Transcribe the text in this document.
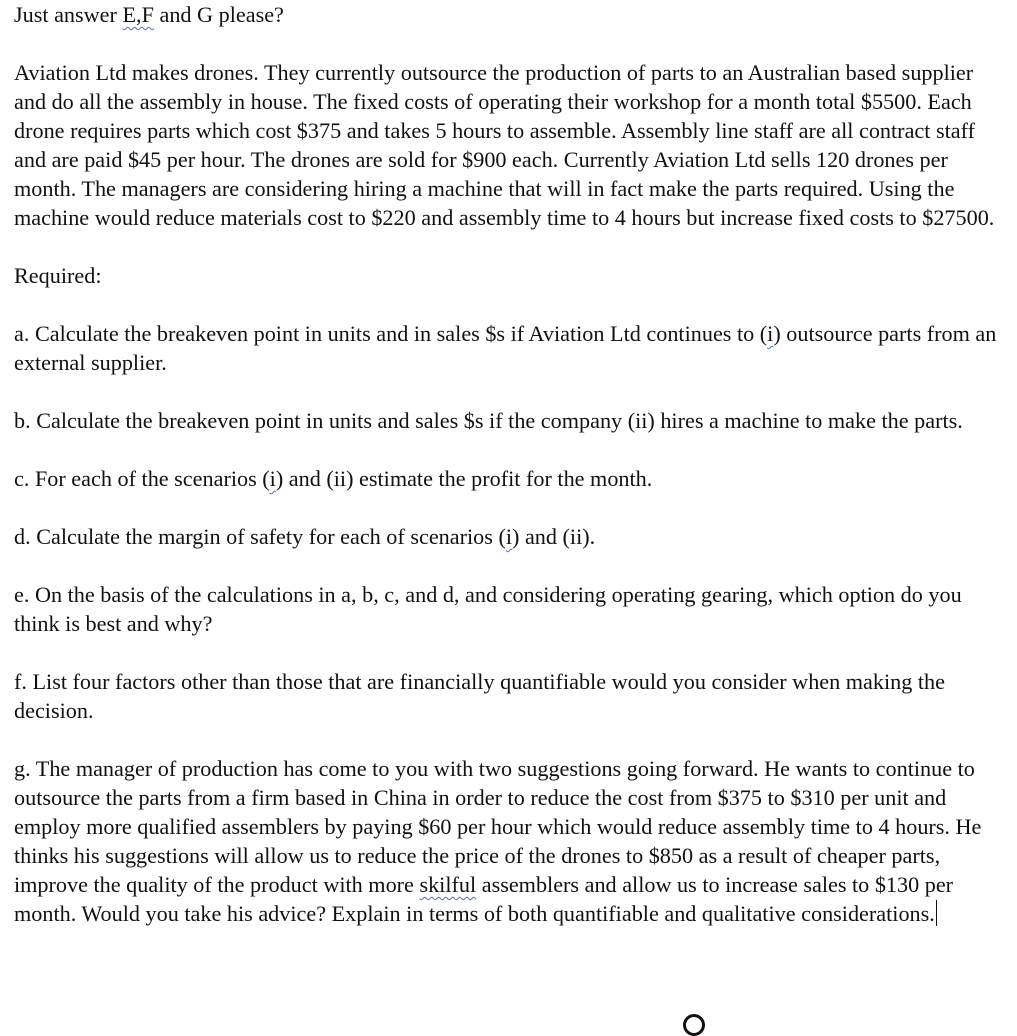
Just answer E,F and G please?

Aviation Ltd makes drones. They currently outsource the production of parts to an Australian based supplier and do all the assembly in house. The fixed costs of operating their workshop for a month total $5500. Each drone requires parts which cost $375 and takes 5 hours to assemble. Assembly line staff are all contract staff and are paid $45 per hour. The drones are sold for $900 each. Currently Aviation Ltd sells 120 drones per month. The managers are considering hiring a machine that will in fact make the parts required. Using the machine would reduce materials cost to $220 and assembly time to 4 hours but increase fixed costs to $27500.

Required:

a. Calculate the breakeven point in units and in sales $s if Aviation Ltd continues to (i) outsource parts from an external supplier.

b. Calculate the breakeven point in units and sales $s if the company (ii) hires a machine to make the parts.

c. For each of the scenarios (i) and (ii) estimate the profit for the month.

d. Calculate the margin of safety for each of scenarios (i) and (ii).

e. On the basis of the calculations in a, b, c, and d, and considering operating gearing, which option do you think is best and why?

f. List four factors other than those that are financially quantifiable would you consider when making the decision.

g. The manager of production has come to you with two suggestions going forward. He wants to continue to outsource the parts from a firm based in China in order to reduce the cost from $375 to $310 per unit and employ more qualified assemblers by paying $60 per hour which would reduce assembly time to 4 hours. He thinks his suggestions will allow us to reduce the price of the drones to $850 as a result of cheaper parts, improve the quality of the product with more skilful assemblers and allow us to increase sales to $130 per month. Would you take his advice? Explain in terms of both quantifiable and qualitative considerations.
